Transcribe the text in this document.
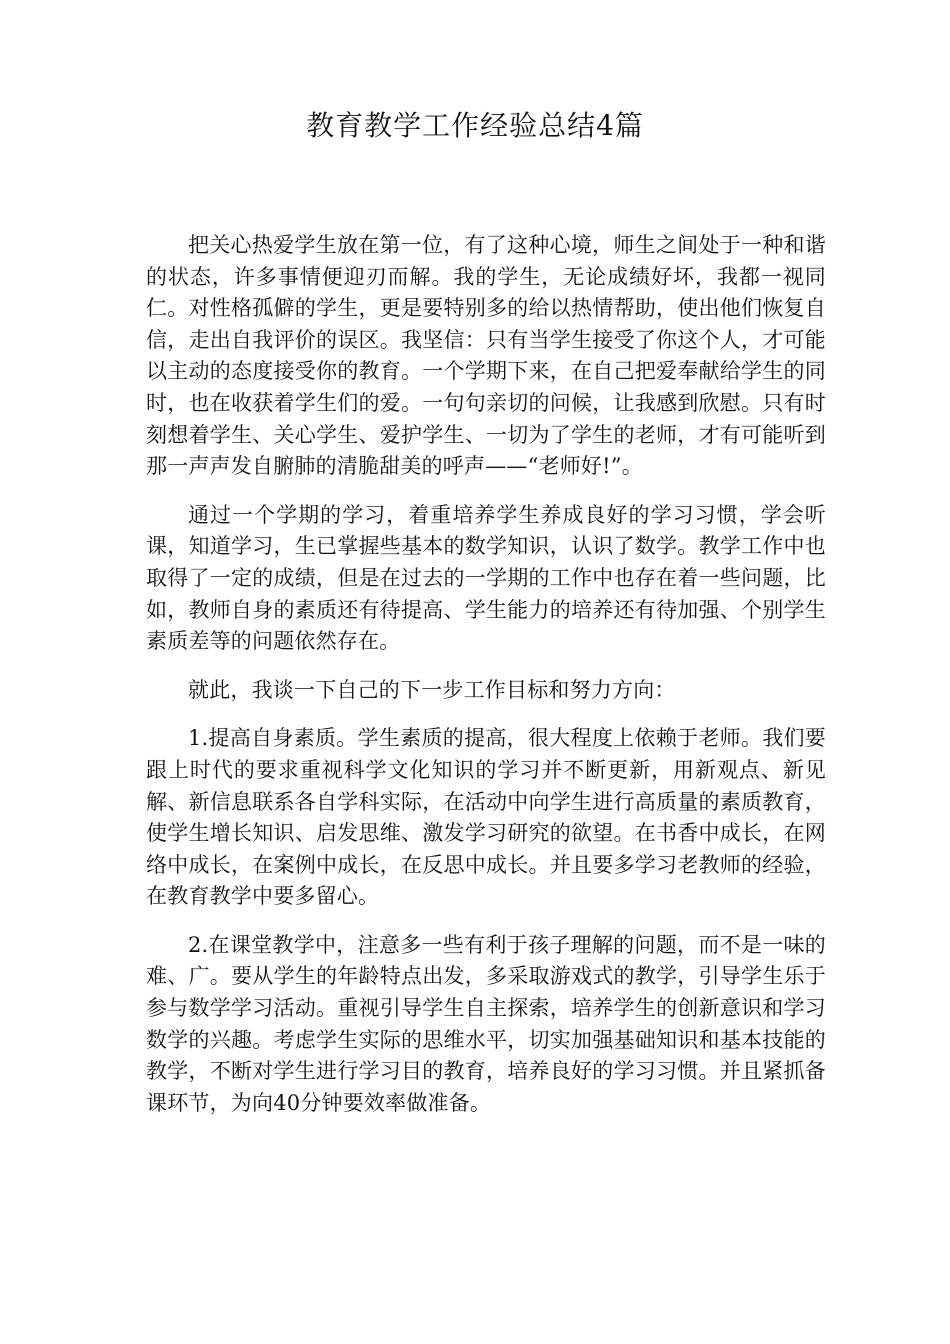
教育教学工作经验总结4篇

把关心热爱学生放在第一位，有了这种心境，师生之间处于一种和谐的状态，许多事情便迎刃而解。我的学生，无论成绩好坏，我都一视同仁。对性格孤僻的学生，更是要特别多的给以热情帮助，使出他们恢复自信，走出自我评价的误区。我坚信：只有当学生接受了你这个人，才可能以主动的态度接受你的教育。一个学期下来，在自己把爱奉献给学生的同时，也在收获着学生们的爱。一句句亲切的问候，让我感到欣慰。只有时刻想着学生、关心学生、爱护学生、一切为了学生的老师，才有可能听到那一声声发自腑肺的清脆甜美的呼声——“老师好!”。

通过一个学期的学习，着重培养学生养成良好的学习习惯，学会听课，知道学习，生已掌握些基本的数学知识，认识了数学。教学工作中也取得了一定的成绩，但是在过去的一学期的工作中也存在着一些问题，比如，教师自身的素质还有待提高、学生能力的培养还有待加强、个别学生素质差等的问题依然存在。

就此，我谈一下自己的下一步工作目标和努力方向：

1.提高自身素质。学生素质的提高，很大程度上依赖于老师。我们要跟上时代的要求重视科学文化知识的学习并不断更新，用新观点、新见解、新信息联系各自学科实际，在活动中向学生进行高质量的素质教育，使学生增长知识、启发思维、激发学习研究的欲望。在书香中成长，在网络中成长，在案例中成长，在反思中成长。并且要多学习老教师的经验，在教育教学中要多留心。

2.在课堂教学中，注意多一些有利于孩子理解的问题，而不是一味的难、广。要从学生的年龄特点出发，多采取游戏式的教学，引导学生乐于参与数学学习活动。重视引导学生自主探索，培养学生的创新意识和学习数学的兴趣。考虑学生实际的思维水平，切实加强基础知识和基本技能的教学，不断对学生进行学习目的教育，培养良好的学习习惯。并且紧抓备课环节，为向40分钟要效率做准备。
